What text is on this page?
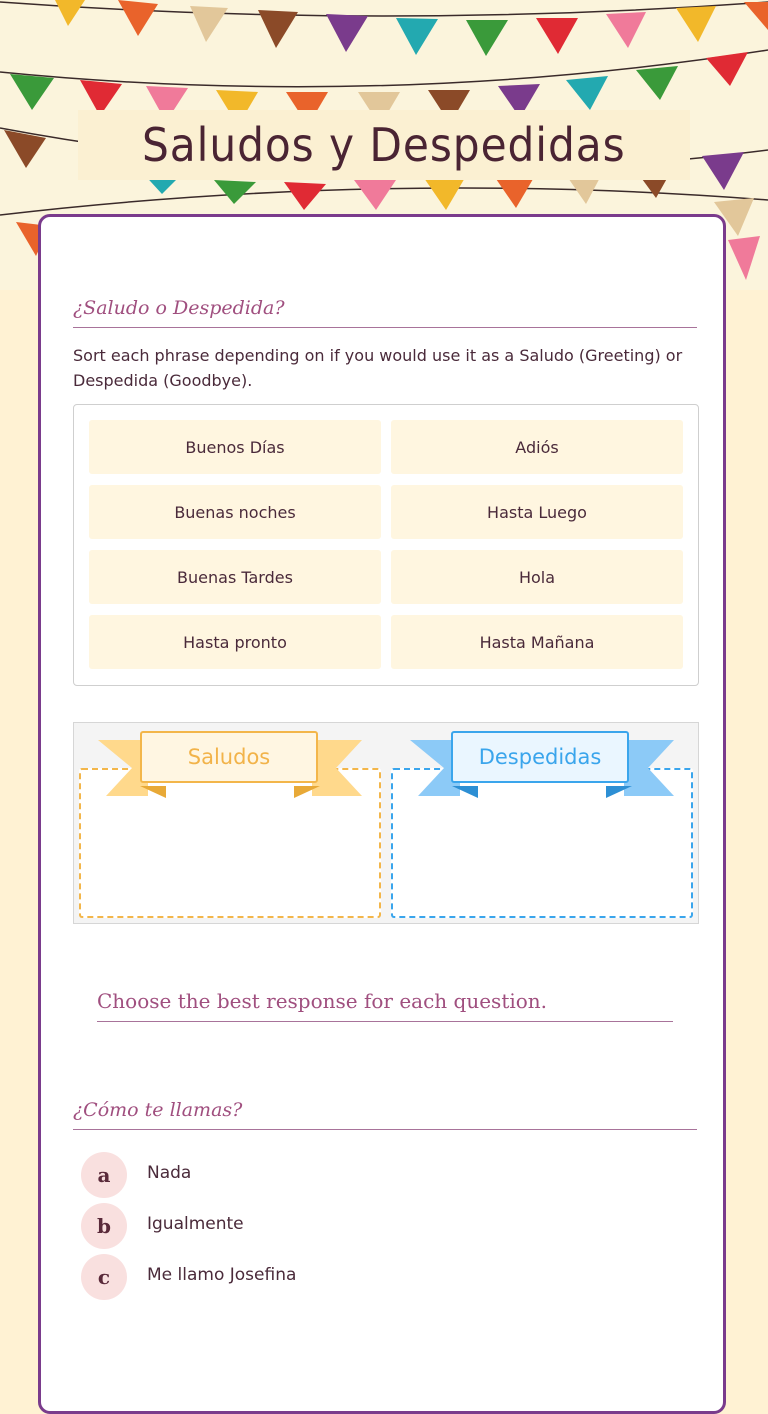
Saludos y Despedidas
¿Saludo o Despedida?
Sort each phrase depending on if you would use it as a Saludo (Greeting) or Despedida (Goodbye).
Buenos Días	Adiós
Buenas noches	Hasta Luego
Buenas Tardes	Hola
Hasta pronto	Hasta Mañana
Saludos	Despedidas
Choose the best response for each question.
¿Cómo te llamas?
a	Nada
b	Igualmente
c	Me llamo Josefina
